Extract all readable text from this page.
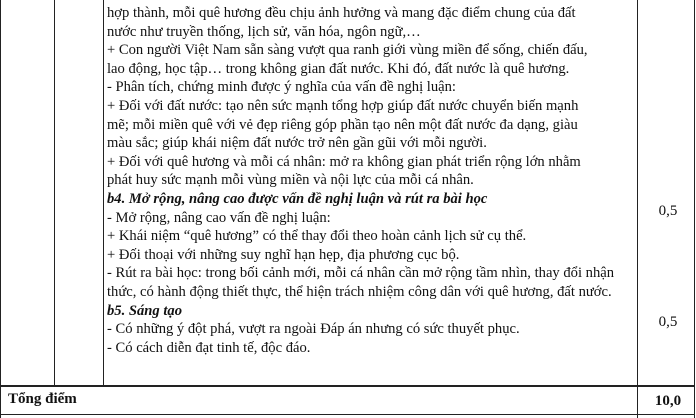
hợp thành, mỗi quê hương đều chịu ảnh hưởng và mang đặc điểm chung của đất
nước như truyền thống, lịch sử, văn hóa, ngôn ngữ,…
+ Con người Việt Nam sẵn sàng vượt qua ranh giới vùng miền để sống, chiến đấu,
lao động, học tập… trong không gian đất nước. Khi đó, đất nước là quê hương.
- Phân tích, chứng minh được ý nghĩa của vấn đề nghị luận:
+ Đối với đất nước: tạo nên sức mạnh tổng hợp giúp đất nước chuyển biến mạnh
mẽ; mỗi miền quê với vẻ đẹp riêng góp phần tạo nên một đất nước đa dạng, giàu
màu sắc; giúp khái niệm đất nước trở nên gần gũi với mỗi người.
+ Đối với quê hương và mỗi cá nhân: mở ra không gian phát triển rộng lớn nhằm
phát huy sức mạnh mỗi vùng miền và nội lực của mỗi cá nhân.
b4. Mở rộng, nâng cao được vấn đề nghị luận và rút ra bài học
- Mở rộng, nâng cao vấn đề nghị luận:
+ Khái niệm “quê hương” có thể thay đổi theo hoàn cảnh lịch sử cụ thể.
+ Đối thoại với những suy nghĩ hạn hẹp, địa phương cục bộ.
- Rút ra bài học: trong bối cảnh mới, mỗi cá nhân cần mở rộng tầm nhìn, thay đổi nhận
thức, có hành động thiết thực, thể hiện trách nhiệm công dân với quê hương, đất nước.
b5. Sáng tạo
- Có những ý đột phá, vượt ra ngoài Đáp án nhưng có sức thuyết phục.
- Có cách diễn đạt tinh tế, độc đáo.
0,5
0,5
Tổng điểm	10,0
